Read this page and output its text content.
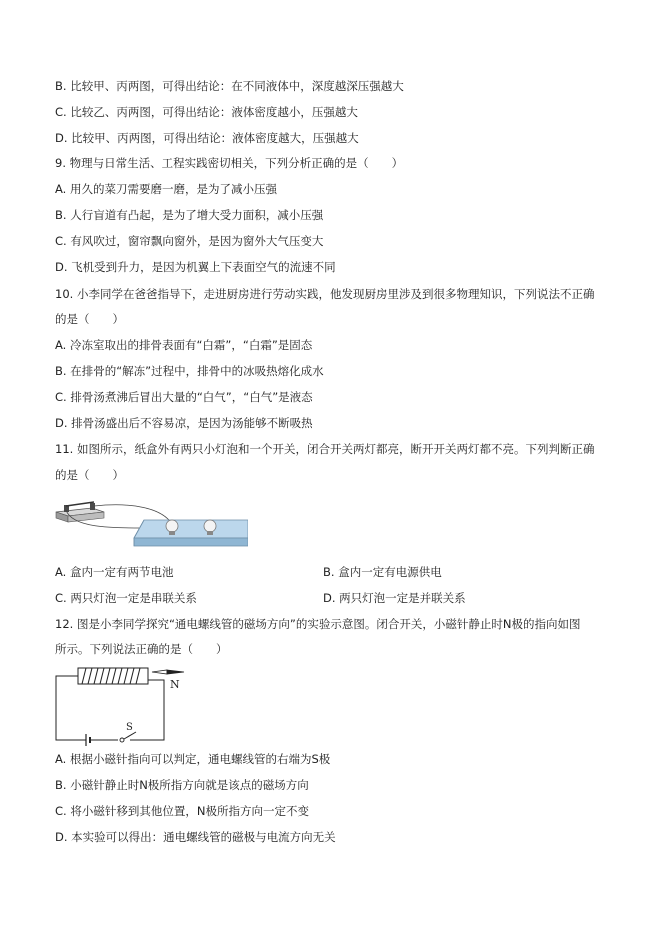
B. 比较甲、丙两图，可得出结论：在不同液体中，深度越深压强越大
C. 比较乙、丙两图，可得出结论：液体密度越小，压强越大
D. 比较甲、丙两图，可得出结论：液体密度越大，压强越大
9. 物理与日常生活、工程实践密切相关，下列分析正确的是（　　）
A. 用久的菜刀需要磨一磨，是为了减小压强
B. 人行盲道有凸起，是为了增大受力面积，减小压强
C. 有风吹过，窗帘飘向窗外，是因为窗外大气压变大
D. 飞机受到升力，是因为机翼上下表面空气的流速不同
10. 小李同学在爸爸指导下，走进厨房进行劳动实践，他发现厨房里涉及到很多物理知识，下列说法不正确
的是（　　）
A. 冷冻室取出的排骨表面有“白霜”，“白霜”是固态
B. 在排骨的“解冻”过程中，排骨中的冰吸热熔化成水
C. 排骨汤煮沸后冒出大量的“白气”，“白气”是液态
D. 排骨汤盛出后不容易凉，是因为汤能够不断吸热
11. 如图所示，纸盒外有两只小灯泡和一个开关，闭合开关两灯都亮，断开开关两灯都不亮。下列判断正确
的是（　　）
A. 盒内一定有两节电池	B. 盒内一定有电源供电
C. 两只灯泡一定是串联关系	D. 两只灯泡一定是并联关系
12. 图是小李同学探究“通电螺线管的磁场方向”的实验示意图。闭合开关，小磁针静止时N极的指向如图
所示。下列说法正确的是（　　）
N
S
A. 根据小磁针指向可以判定，通电螺线管的右端为S极
B. 小磁针静止时N极所指方向就是该点的磁场方向
C. 将小磁针移到其他位置，N极所指方向一定不变
D. 本实验可以得出：通电螺线管的磁极与电流方向无关
